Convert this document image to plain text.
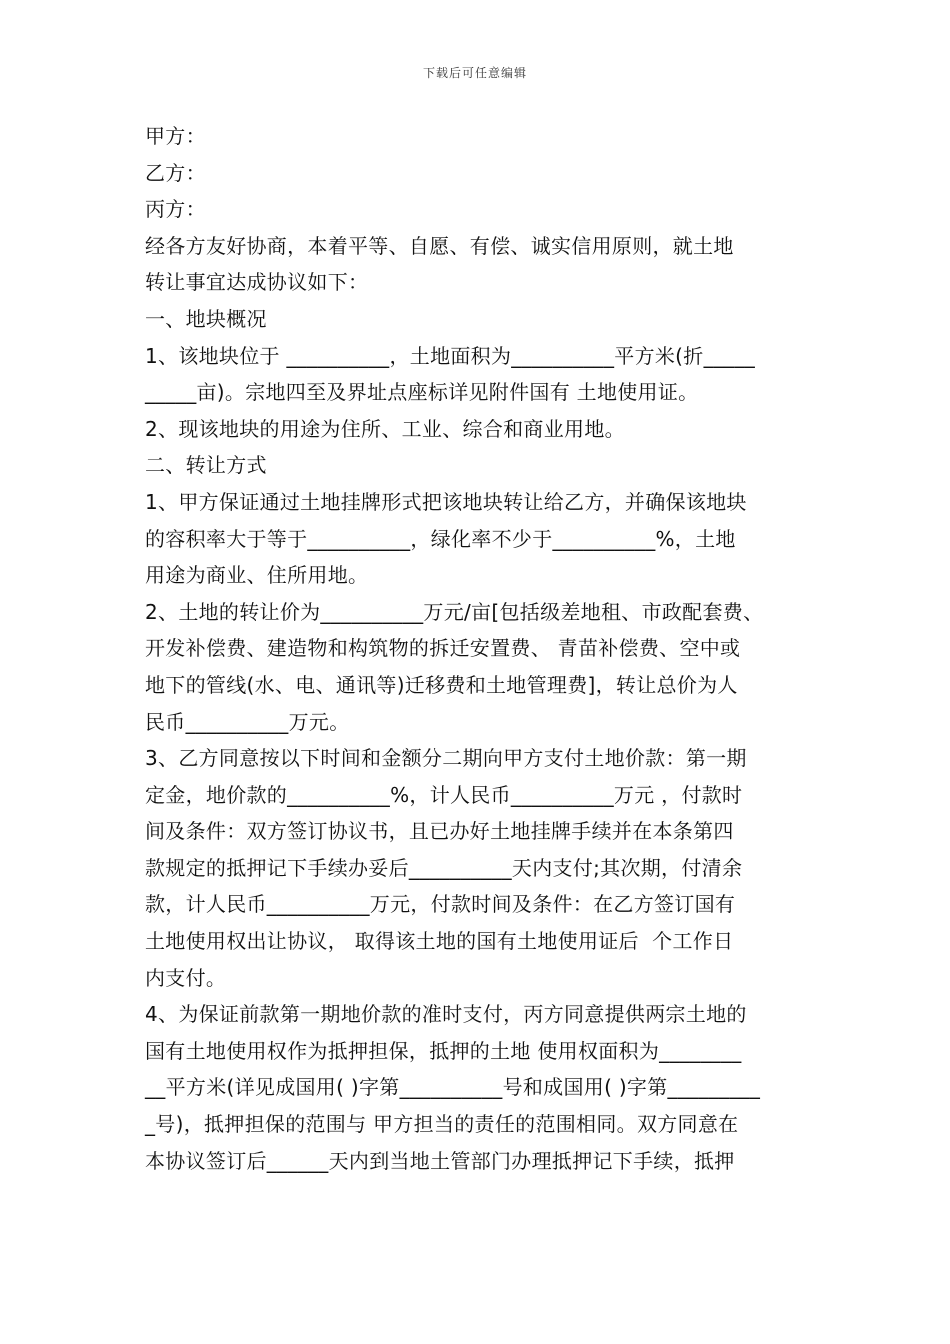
下载后可任意编辑
甲方：
乙方：
丙方：
经各方友好协商，本着平等、自愿、有偿、诚实信用原则，就土地
转让事宜达成协议如下：
一、地块概况
1、该地块位于 __________，土地面积为__________平方米(折_____
_____亩)。宗地四至及界址点座标详见附件国有 土地使用证。
2、现该地块的用途为住所、工业、综合和商业用地。
二、转让方式
1、甲方保证通过土地挂牌形式把该地块转让给乙方，并确保该地块
的容积率大于等于__________，绿化率不少于__________%，土地
用途为商业、住所用地。
2、土地的转让价为__________万元/亩[包括级差地租、市政配套费、
开发补偿费、建造物和构筑物的拆迁安置费、 青苗补偿费、空中或
地下的管线(水、电、通讯等)迁移费和土地管理费]，转让总价为人
民币__________万元。
3、乙方同意按以下时间和金额分二期向甲方支付土地价款：第一期
定金，地价款的__________%，计人民币__________万元 ，付款时
间及条件：双方签订协议书，且已办好土地挂牌手续并在本条第四
款规定的抵押记下手续办妥后__________天内支付;其次期，付清余
款，计人民币__________万元，付款时间及条件：在乙方签订国有
土地使用权出让协议， 取得该土地的国有土地使用证后  个工作日
内支付。
4、为保证前款第一期地价款的准时支付，丙方同意提供两宗土地的
国有土地使用权作为抵押担保，抵押的土地 使用权面积为________
__平方米(详见成国用( )字第__________号和成国用( )字第_________
_号)，抵押担保的范围与 甲方担当的责任的范围相同。双方同意在
本协议签订后______天内到当地土管部门办理抵押记下手续，抵押
